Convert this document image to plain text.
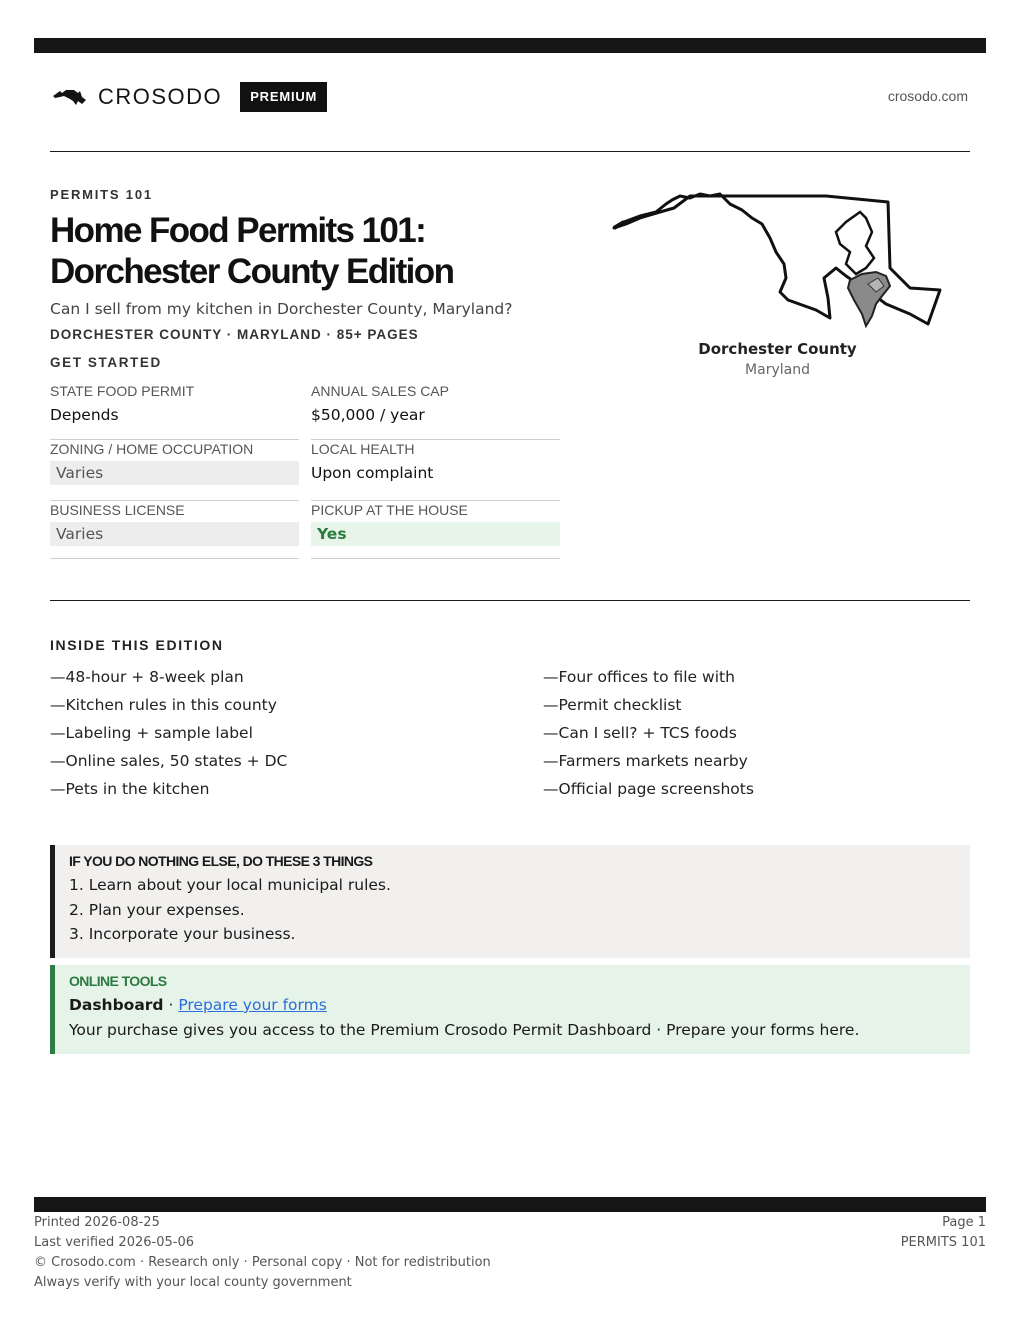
CROSODO	PREMIUM	crosodo.com
PERMITS 101
Home Food Permits 101:
Dorchester County Edition
Can I sell from my kitchen in Dorchester County, Maryland?
DORCHESTER COUNTY · MARYLAND · 85+ PAGES
GET STARTED
STATE FOOD PERMIT
Depends
ANNUAL SALES CAP
$50,000 / year
ZONING / HOME OCCUPATION
Varies
LOCAL HEALTH
Upon complaint
BUSINESS LICENSE
Varies
PICKUP AT THE HOUSE
Yes
Dorchester County
Maryland
INSIDE THIS EDITION
—48-hour + 8-week plan
—Kitchen rules in this county
—Labeling + sample label
—Online sales, 50 states + DC
—Pets in the kitchen
—Four offices to file with
—Permit checklist
—Can I sell? + TCS foods
—Farmers markets nearby
—Official page screenshots
IF YOU DO NOTHING ELSE, DO THESE 3 THINGS
1. Learn about your local municipal rules.
2. Plan your expenses.
3. Incorporate your business.
ONLINE TOOLS
Dashboard · Prepare your forms
Your purchase gives you access to the Premium Crosodo Permit Dashboard · Prepare your forms here.
Printed 2026-08-25
Last verified 2026-05-06
© Crosodo.com · Research only · Personal copy · Not for redistribution
Always verify with your local county government
Page 1
PERMITS 101
